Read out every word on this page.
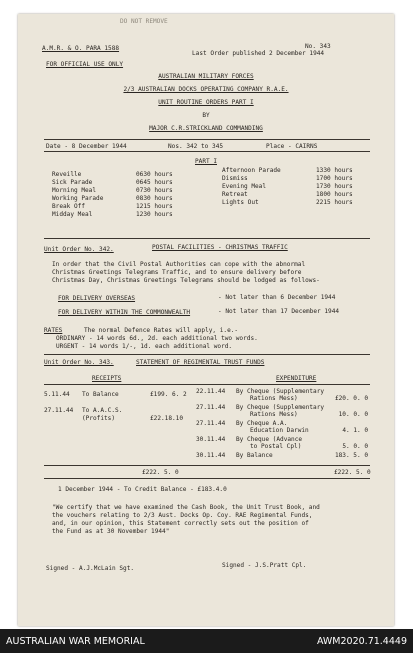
DO NOT REMOVE
A.M.R. & O. PARA 1588	No. 343
Last Order published 2 December 1944
FOR OFFICIAL USE ONLY
AUSTRALIAN MILITARY FORCES
2/3 AUSTRALIAN DOCKS OPERATING COMPANY R.A.E.
UNIT ROUTINE ORDERS PART I
BY
MAJOR C.R.STRICKLAND COMMANDING
Date - 8 December 1944	Nos. 342 to 345	Place - CAIRNS
PART I
Reveille	0630 hours
Sick Parade	0645 hours
Morning Meal	0730 hours
Working Parade	0830 hours
Break Off	1215 hours
Midday Meal	1230 hours
Afternoon Parade	1330 hours
Dismiss	1700 hours
Evening Meal	1730 hours
Retreat	1800 hours
Lights Out	2215 hours
Unit Order No. 342.	POSTAL FACILITIES - CHRISTMAS TRAFFIC
In order that the Civil Postal Authorities can cope with the abnormal
Christmas Greetings Telegrams Traffic, and to ensure delivery before
Christmas Day, Christmas Greetings Telegrams should be lodged as follows-
FOR DELIVERY OVERSEAS	- Not later than 6 December 1944
FOR DELIVERY WITHIN THE COMMONWEALTH	- Not later than 17 December 1944
RATES	The normal Defence Rates will apply, i.e.-
ORDINARY - 14 words 6d., 2d. each additional two words.
URGENT - 14 words 1/-, 1d. each additional word.
Unit Order No. 343.	STATEMENT OF REGIMENTAL TRUST FUNDS
RECEIPTS	EXPENDITURE
5.11.44 To Balance	£199. 6. 2
27.11.44 To A.A.C.S.
(Profits)	£22.18.10
22.11.44 By Cheque (Supplementary
Rations Mess)	£20. 0. 0
27.11.44 By Cheque (Supplementary
Rations Mess)	10. 0. 0
27.11.44 By Cheque A.A.
Education Darwin	4. 1. 0
30.11.44 By Cheque (Advance
to Postal Cpl)	5. 0. 0
30.11.44 By Balance	183. 5. 0
£222. 5. 0	£222. 5. 0
1 December 1944 - To Credit Balance - £183.4.0
"We certify that we have examined the Cash Book, the Unit Trust Book, and
the vouchers relating to 2/3 Aust. Docks Op. Coy. RAE Regimental Funds,
and, in our opinion, this Statement correctly sets out the position of
the Fund as at 30 November 1944"
Signed - A.J.McLain Sgt.	Signed - J.S.Pratt Cpl.
AUSTRALIAN WAR MEMORIAL	AWM2020.71.4449
